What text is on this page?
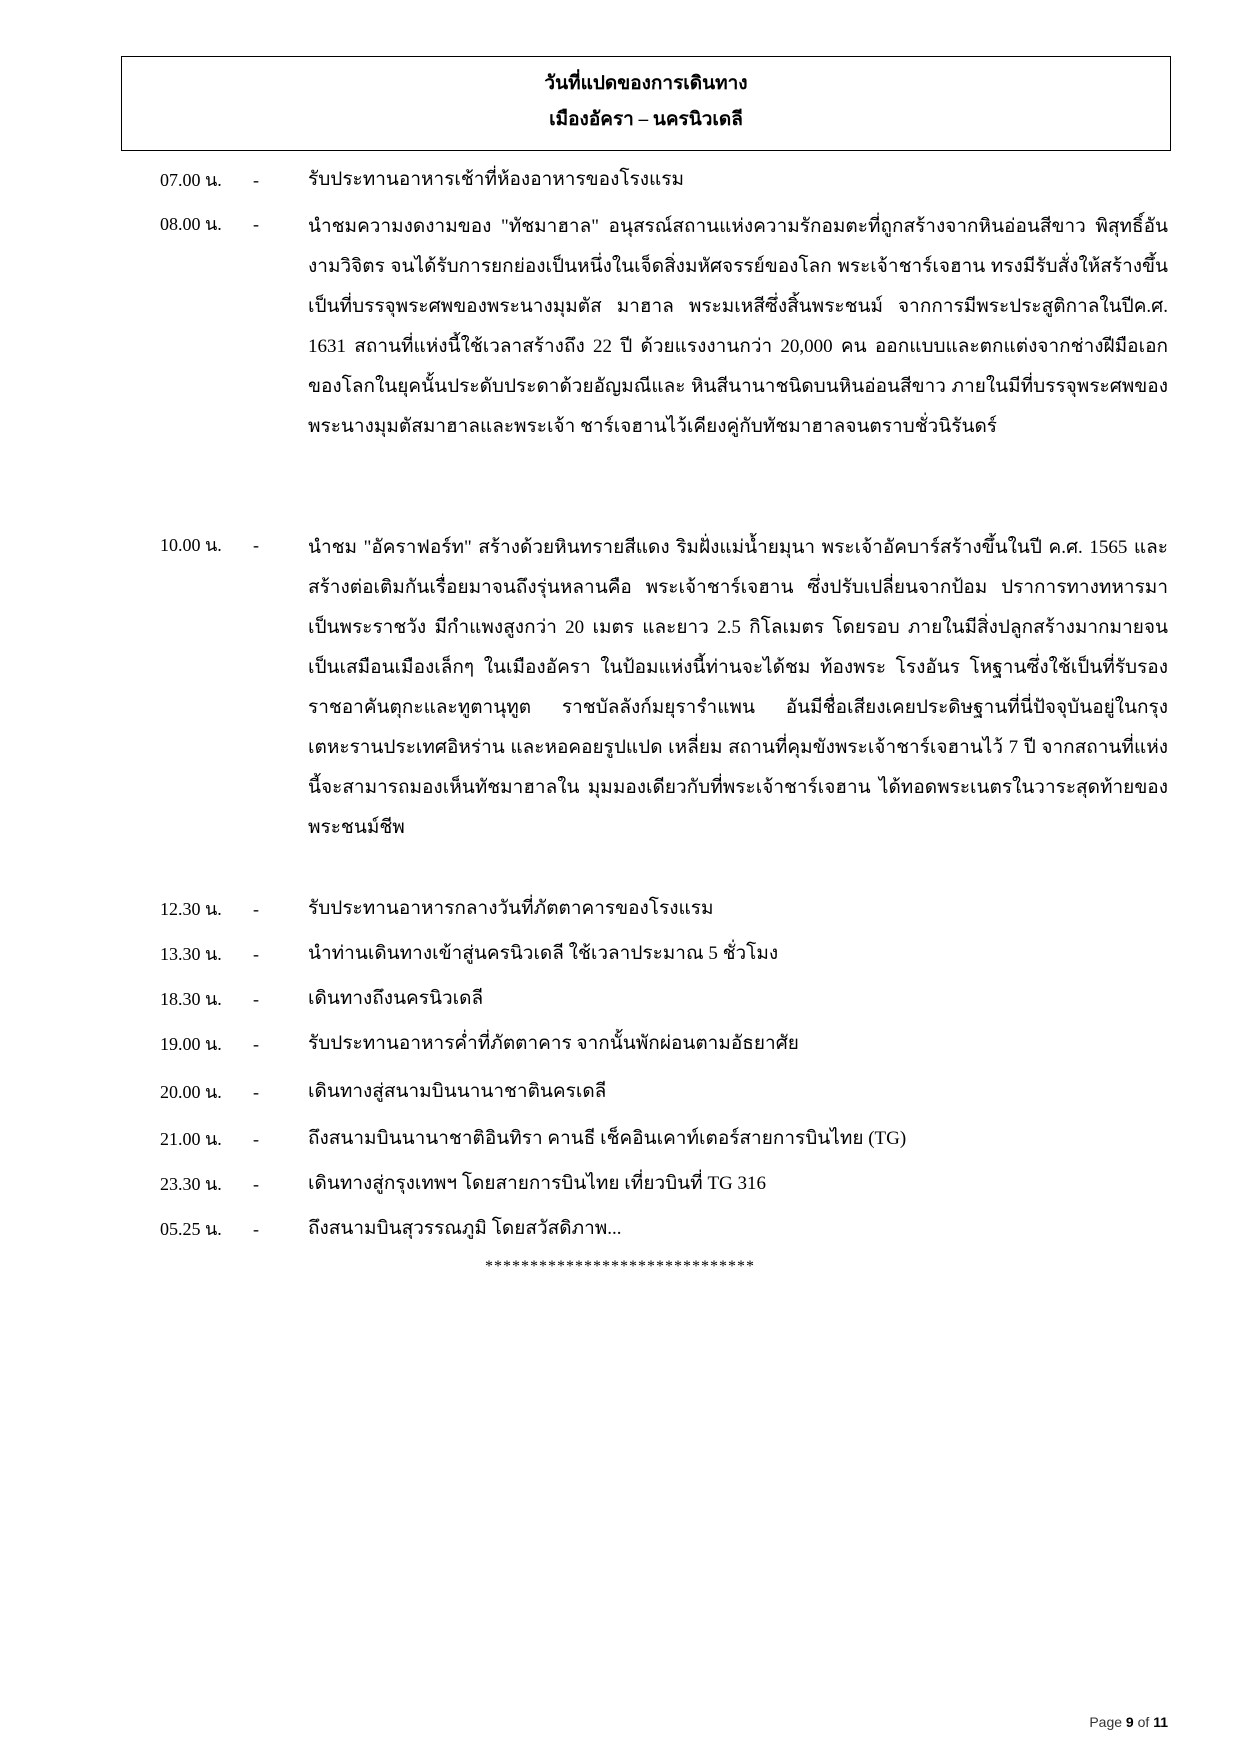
วันที่แปดของการเดินทาง
เมืองอัครา – นครนิวเดลี
07.00 น.	-	รับประทานอาหารเช้าที่ห้องอาหารของโรงแรม
08.00 น.	-	นำชมความงดงามของ "ทัชมาฮาล" อนุสรณ์สถานแห่งความรักอมตะที่ถูกสร้างจากหินอ่อนสีขาว พิสุทธิ์อันงามวิจิตร จนได้รับการยกย่องเป็นหนึ่งในเจ็ดสิ่งมหัศจรรย์ของโลก พระเจ้าชาร์เจฮาน ทรงมีรับสั่งให้สร้างขึ้นเป็นที่บรรจุพระศพของพระนางมุมตัส มาฮาล พระมเหสีซึ่งสิ้นพระชนม์ จากการมีพระประสูติกาลในปีค.ศ. 1631 สถานที่แห่งนี้ใช้เวลาสร้างถึง 22 ปี ด้วยแรงงานกว่า 20,000 คน ออกแบบและตกแต่งจากช่างฝีมือเอกของโลกในยุคนั้นประดับประดาด้วยอัญมณีและ หินสีนานาชนิดบนหินอ่อนสีขาว ภายในมีที่บรรจุพระศพของพระนางมุมตัสมาฮาลและพระเจ้า ชาร์เจฮานไว้เคียงคู่กับทัชมาฮาลจนตราบชั่วนิรันดร์
10.00 น.	-	นำชม "อัคราฟอร์ท" สร้างด้วยหินทรายสีแดง ริมฝั่งแม่น้ำยมุนา พระเจ้าอัคบาร์สร้างขึ้นในปี ค.ศ. 1565 และสร้างต่อเติมกันเรื่อยมาจนถึงรุ่นหลานคือ พระเจ้าชาร์เจฮาน ซึ่งปรับเปลี่ยนจากป้อม ปราการทางทหารมาเป็นพระราชวัง มีกำแพงสูงกว่า 20 เมตร และยาว 2.5 กิโลเมตร โดยรอบ ภายในมีสิ่งปลูกสร้างมากมายจนเป็นเสมือนเมืองเล็กๆ ในเมืองอัครา ในป้อมแห่งนี้ท่านจะได้ชม ท้องพระ โรงอันร โหฐานซึ่งใช้เป็นที่รับรองราชอาคันตุกะและทูตานุทูต ราชบัลลังก์มยุรารำแพน อันมีชื่อเสียงเคยประดิษฐานที่นี่ปัจจุบันอยู่ในกรุงเตหะรานประเทศอิหร่าน และหอคอยรูปแปด เหลี่ยม สถานที่คุมขังพระเจ้าชาร์เจฮานไว้ 7 ปี จากสถานที่แห่งนี้จะสามารถมองเห็นทัชมาฮาลใน มุมมองเดียวกับที่พระเจ้าชาร์เจฮาน ได้ทอดพระเนตรในวาระสุดท้ายของพระชนม์ชีพ
12.30 น.	-	รับประทานอาหารกลางวันที่ภัตตาคารของโรงแรม
13.30 น.	-	นำท่านเดินทางเข้าสู่นครนิวเดลี ใช้เวลาประมาณ 5 ชั่วโมง
18.30 น.	-	เดินทางถึงนครนิวเดลี
19.00 น.	-	รับประทานอาหารค่ำที่ภัตตาคาร จากนั้นพักผ่อนตามอัธยาศัย
20.00 น.	-	เดินทางสู่สนามบินนานาชาตินครเดลี
21.00 น.	-	ถึงสนามบินนานาชาติอินทิรา คานธี เช็คอินเคาท์เตอร์สายการบินไทย (TG)
23.30 น.	-	เดินทางสู่กรุงเทพฯ โดยสายการบินไทย เที่ยวบินที่ TG 316
05.25 น.	-	ถึงสนามบินสุวรรณภูมิ โดยสวัสดิภาพ...
******************************
Page 9 of 11
